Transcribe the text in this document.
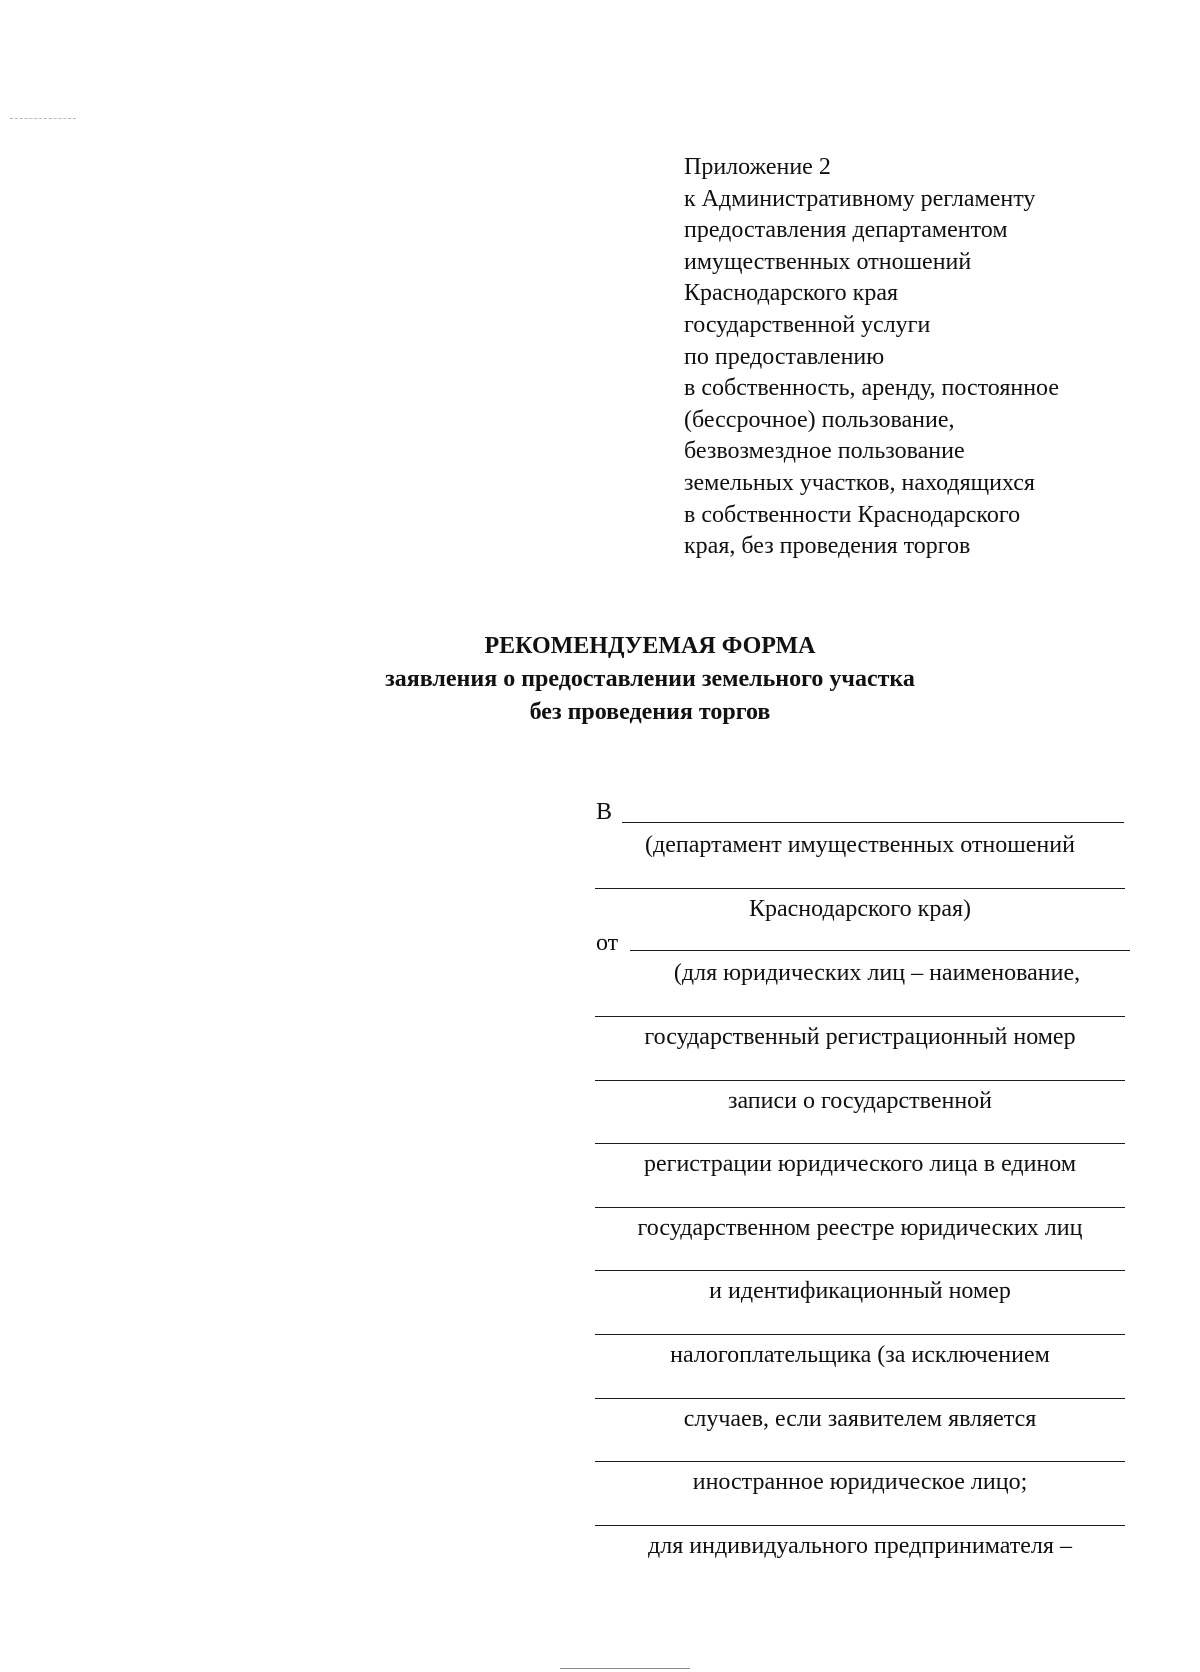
Приложение 2
к Административному регламенту
предоставления департаментом
имущественных отношений
Краснодарского края
государственной услуги
по предоставлению
в собственность, аренду, постоянное
(бессрочное) пользование,
безвозмездное пользование
земельных участков, находящихся
в собственности Краснодарского
края, без проведения торгов
РЕКОМЕНДУЕМАЯ ФОРМА
заявления о предоставлении земельного участка
без проведения торгов
В
(департамент имущественных отношений
Краснодарского края)
от
(для юридических лиц – наименование,
государственный регистрационный номер
записи о государственной
регистрации юридического лица в едином
государственном реестре юридических лиц
и идентификационный номер
налогоплательщика (за исключением
случаев, если заявителем является
иностранное юридическое лицо;
для индивидуального предпринимателя –
